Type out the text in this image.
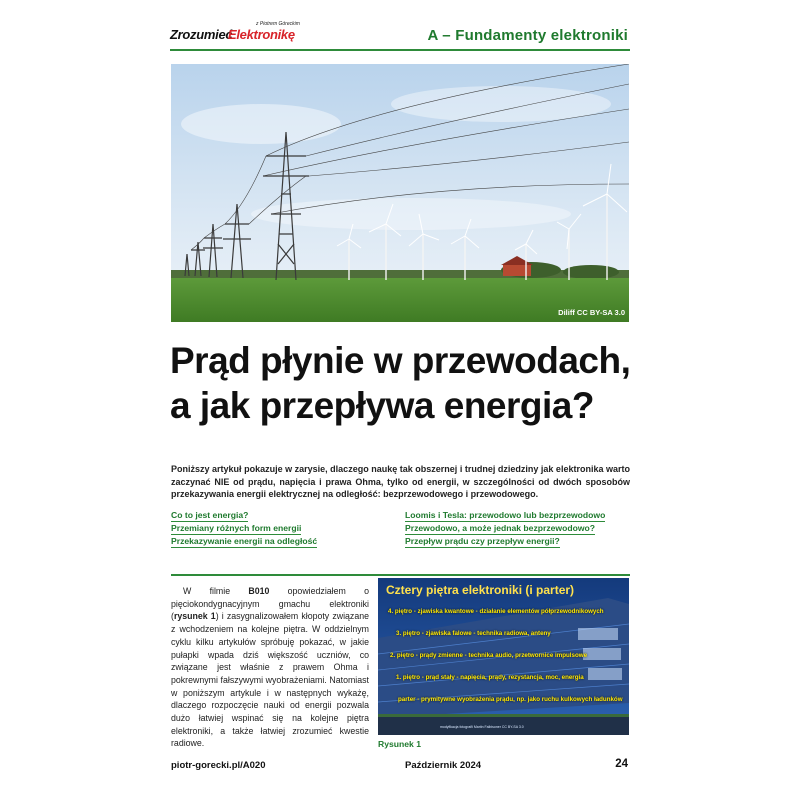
Zrozumieć
Elektronikę
z Piotrem Góreckim
A – Fundamenty elektroniki
Diliff CC BY-SA 3.0
Prąd płynie w przewodach,
a jak przepływa energia?

Poniższy artykuł pokazuje w zarysie, dlaczego naukę tak obszernej i trudnej dziedziny jak elektronika warto zaczynać NIE od prądu, napięcia i prawa Ohma, tylko od energii, w szczególności od dwóch sposobów przekazywania energii elektrycznej na odległość: bezprzewodowego i przewodowego.

Co to jest energia?
Przemiany różnych form energii
Przekazywanie energii na odległość
Loomis i Tesla: przewodowo lub bezprzewodowo
Przewodowo, a może jednak bezprzewodowo?
Przepływ prądu czy przepływ energii?

W filmie B010 opowiedziałem o pięciokondygnacyjnym gmachu elektroniki (rysunek 1) i zasygnalizowałem kłopoty związane z wchodzeniem na kolejne piętra. W oddzielnym cyklu kilku artykułów spróbuję pokazać, w jakie pułapki wpada dziś większość uczniów, co związane jest właśnie z prawem Ohma i pokrewnymi fałszywymi wyobrażeniami. Natomiast w poniższym artykule i w następnych wykażę, dlaczego rozpoczęcie nauki od energii pozwala dużo łatwiej wspinać się na kolejne piętra elektroniki, a także łatwiej zrozumieć kwestie radiowe.

Cztery piętra elektroniki (i parter)
4. piętro - zjawiska kwantowe - działanie elementów półprzewodnikowych
3. piętro - zjawiska falowe - technika radiowa, anteny
2. piętro - prądy zmienne - technika audio, przetwornice impulsowe
1. piętro - prąd stały - napięcia, prądy, rezystancja, moc, energia
parter - prymitywne wyobrażenia prądu, np. jako ruchu kulkowych ładunków
modyfikacja fotografii Martin Falbisoner CC BY-SA 3.0
Rysunek 1
piotr-gorecki.pl/A020	Październik 2024	24
